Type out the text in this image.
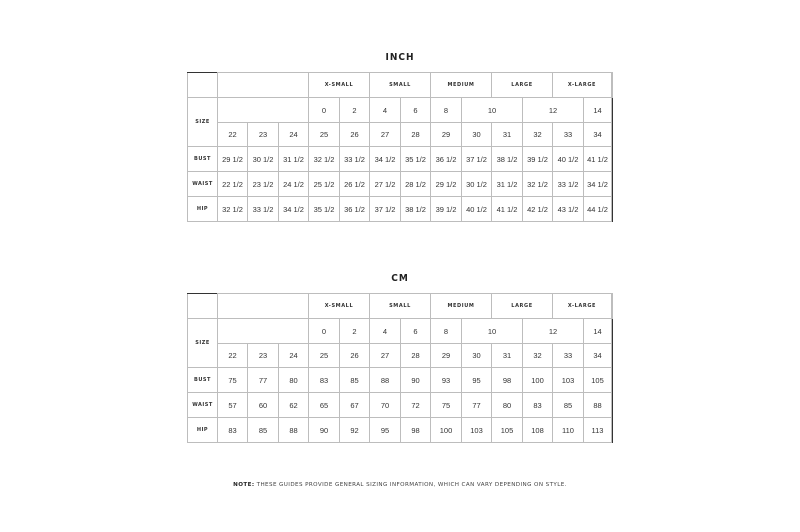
INCH
				X-SMALL		SMALL		MEDIUM		LARGE		X-LARGE		
SIZE				0	2	4	6	8	10		12		14	
	22	23	24	25	26	27	28	29	30	31	32	33	34	
BUST	29 1/2	30 1/2	31 1/2	32 1/2	33 1/2	34 1/2	35 1/2	36 1/2	37 1/2	38 1/2	39 1/2	40 1/2	41 1/2	
WAIST	22 1/2	23 1/2	24 1/2	25 1/2	26 1/2	27 1/2	28 1/2	29 1/2	30 1/2	31 1/2	32 1/2	33 1/2	34 1/2	
HIP	32 1/2	33 1/2	34 1/2	35 1/2	36 1/2	37 1/2	38 1/2	39 1/2	40 1/2	41 1/2	42 1/2	43 1/2	44 1/2	
CM
				X-SMALL		SMALL		MEDIUM		LARGE		X-LARGE		
SIZE				0	2	4	6	8	10		12		14	
	22	23	24	25	26	27	28	29	30	31	32	33	34	
BUST	75	77	80	83	85	88	90	93	95	98	100	103	105	
WAIST	57	60	62	65	67	70	72	75	77	80	83	85	88	
HIP	83	85	88	90	92	95	98	100	103	105	108	110	113	
NOTE: THESE GUIDES PROVIDE GENERAL SIZING INFORMATION, WHICH CAN VARY DEPENDING ON STYLE.
